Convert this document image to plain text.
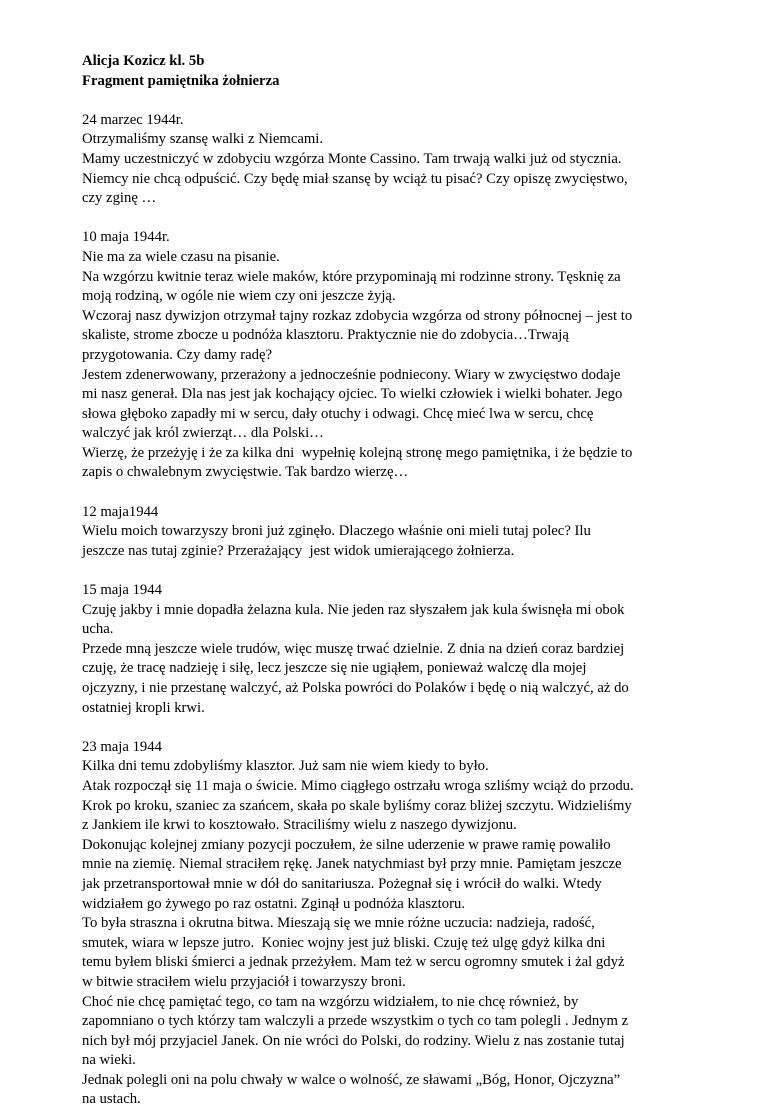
Alicja Kozicz kl. 5b

Fragment pamiętnika żołnierza

24 marzec 1944r.

Otrzymaliśmy szansę walki z Niemcami.

Mamy uczestniczyć w zdobyciu wzgórza Monte Cassino. Tam trwają walki już od stycznia.

Niemcy nie chcą odpuścić. Czy będę miał szansę by wciąż tu pisać? Czy opiszę zwycięstwo,

czy zginę …

10 maja 1944r.

Nie ma za wiele czasu na pisanie.

Na wzgórzu kwitnie teraz wiele maków, które przypominają mi rodzinne strony. Tęsknię za

moją rodziną, w ogóle nie wiem czy oni jeszcze żyją.

Wczoraj nasz dywizjon otrzymał tajny rozkaz zdobycia wzgórza od strony północnej – jest to

skaliste, strome zbocze u podnóża klasztoru. Praktycznie nie do zdobycia…Trwają

przygotowania. Czy damy radę?

Jestem zdenerwowany, przerażony a jednocześnie podniecony. Wiary w zwycięstwo dodaje

mi nasz generał. Dla nas jest jak kochający ojciec. To wielki człowiek i wielki bohater. Jego

słowa głęboko zapadły mi w sercu, dały otuchy i odwagi. Chcę mieć lwa w sercu, chcę

walczyć jak król zwierząt… dla Polski…

Wierzę, że przeżyję i że za kilka dni  wypełnię kolejną stronę mego pamiętnika, i że będzie to

zapis o chwalebnym zwycięstwie. Tak bardzo wierzę…

12 maja1944

Wielu moich towarzyszy broni już zginęło. Dlaczego właśnie oni mieli tutaj polec? Ilu

jeszcze nas tutaj zginie? Przerażający  jest widok umierającego żołnierza.

15 maja 1944

Czuję jakby i mnie dopadła żelazna kula. Nie jeden raz słyszałem jak kula świsnęła mi obok

ucha.

Przede mną jeszcze wiele trudów, więc muszę trwać dzielnie. Z dnia na dzień coraz bardziej

czuję, że tracę nadzieję i siłę, lecz jeszcze się nie ugiąłem, ponieważ walczę dla mojej

ojczyzny, i nie przestanę walczyć, aż Polska powróci do Polaków i będę o nią walczyć, aż do

ostatniej kropli krwi.

23 maja 1944

Kilka dni temu zdobyliśmy klasztor. Już sam nie wiem kiedy to było.

Atak rozpoczął się 11 maja o świcie. Mimo ciągłego ostrzału wroga szliśmy wciąż do przodu.

Krok po kroku, szaniec za szańcem, skała po skale byliśmy coraz bliżej szczytu. Widzieliśmy

z Jankiem ile krwi to kosztowało. Straciliśmy wielu z naszego dywizjonu.

Dokonując kolejnej zmiany pozycji poczułem, że silne uderzenie w prawe ramię powaliło

mnie na ziemię. Niemal straciłem rękę. Janek natychmiast był przy mnie. Pamiętam jeszcze

jak przetransportował mnie w dół do sanitariusza. Pożegnał się i wrócił do walki. Wtedy

widziałem go żywego po raz ostatni. Zginął u podnóża klasztoru.

To była straszna i okrutna bitwa. Mieszają się we mnie różne uczucia: nadzieja, radość,

smutek, wiara w lepsze jutro.  Koniec wojny jest już bliski. Czuję też ulgę gdyż kilka dni

temu byłem bliski śmierci a jednak przeżyłem. Mam też w sercu ogromny smutek i żal gdyż

w bitwie straciłem wielu przyjaciół i towarzyszy broni.

Choć nie chcę pamiętać tego, co tam na wzgórzu widziałem, to nie chcę również, by

zapomniano o tych którzy tam walczyli a przede wszystkim o tych co tam polegli . Jednym z

nich był mój przyjaciel Janek. On nie wróci do Polski, do rodziny. Wielu z nas zostanie tutaj

na wieki.

Jednak polegli oni na polu chwały w walce o wolność, ze sławami „Bóg, Honor, Ojczyzna”

na ustach.
